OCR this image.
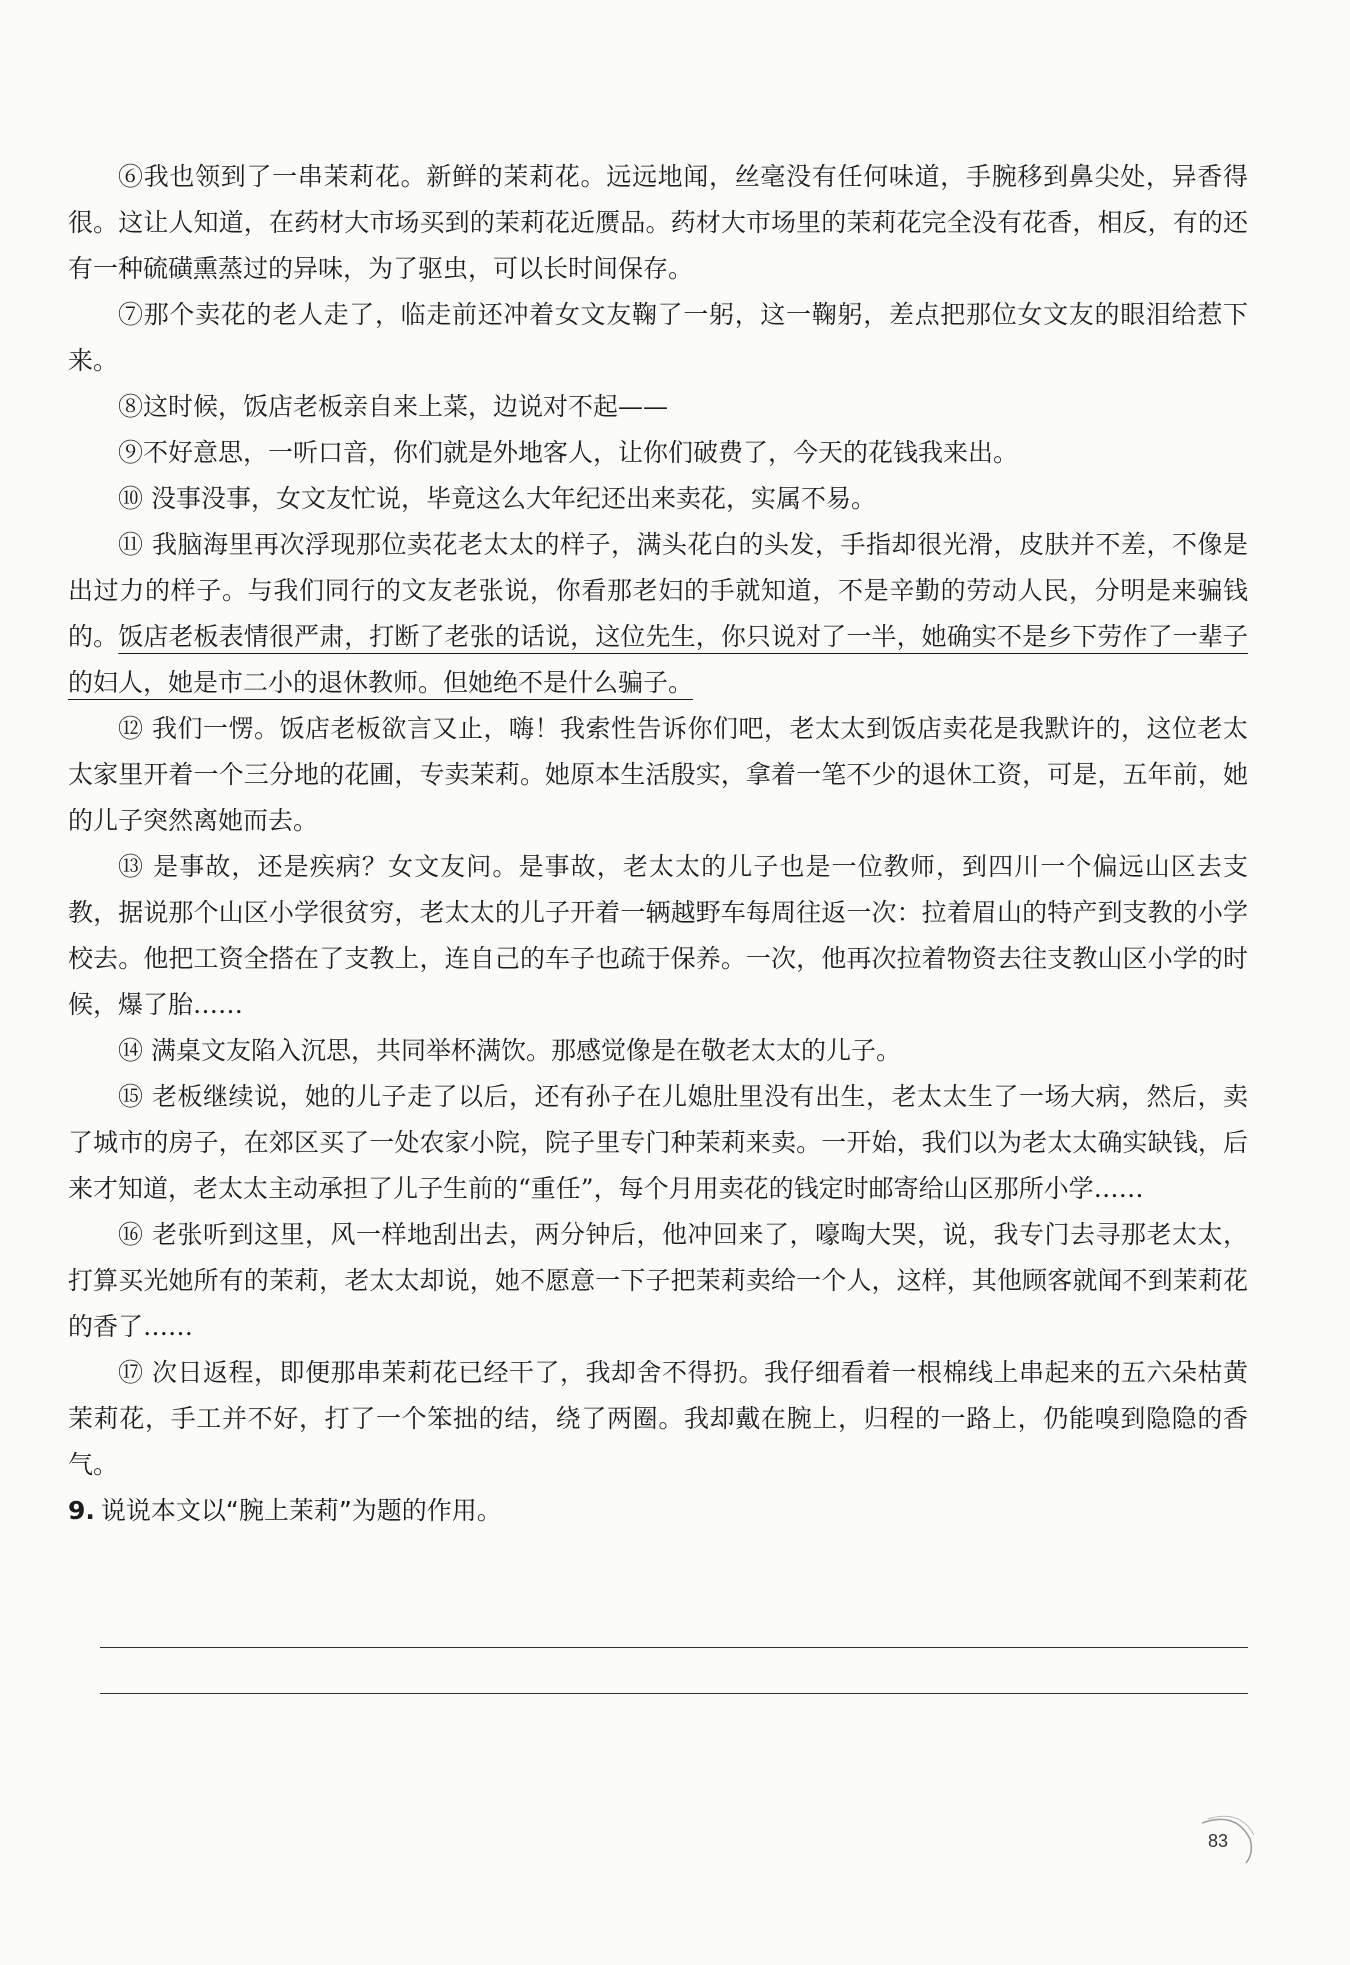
⑥我也领到了一串茉莉花。新鲜的茉莉花。远远地闻，丝毫没有任何味道，手腕移到鼻尖处，异香得很。这让人知道，在药材大市场买到的茉莉花近赝品。药材大市场里的茉莉花完全没有花香，相反，有的还有一种硫磺熏蒸过的异味，为了驱虫，可以长时间保存。

⑦那个卖花的老人走了，临走前还冲着女文友鞠了一躬，这一鞠躬，差点把那位女文友的眼泪给惹下来。

⑧这时候，饭店老板亲自来上菜，边说对不起——

⑨不好意思，一听口音，你们就是外地客人，让你们破费了，今天的花钱我来出。

⑩ 没事没事，女文友忙说，毕竟这么大年纪还出来卖花，实属不易。

⑪ 我脑海里再次浮现那位卖花老太太的样子，满头花白的头发，手指却很光滑，皮肤并不差，不像是出过力的样子。与我们同行的文友老张说，你看那老妇的手就知道，不是辛勤的劳动人民，分明是来骗钱的。饭店老板表情很严肃，打断了老张的话说，这位先生，你只说对了一半，她确实不是乡下劳作了一辈子的妇人，她是市二小的退休教师。但她绝不是什么骗子。

⑫ 我们一愣。饭店老板欲言又止，嗨！我索性告诉你们吧，老太太到饭店卖花是我默许的，这位老太太家里开着一个三分地的花圃，专卖茉莉。她原本生活殷实，拿着一笔不少的退休工资，可是，五年前，她的儿子突然离她而去。

⑬ 是事故，还是疾病？女文友问。是事故，老太太的儿子也是一位教师，到四川一个偏远山区去支教，据说那个山区小学很贫穷，老太太的儿子开着一辆越野车每周往返一次：拉着眉山的特产到支教的小学校去。他把工资全搭在了支教上，连自己的车子也疏于保养。一次，他再次拉着物资去往支教山区小学的时候，爆了胎……

⑭ 满桌文友陷入沉思，共同举杯满饮。那感觉像是在敬老太太的儿子。

⑮ 老板继续说，她的儿子走了以后，还有孙子在儿媳肚里没有出生，老太太生了一场大病，然后，卖了城市的房子，在郊区买了一处农家小院，院子里专门种茉莉来卖。一开始，我们以为老太太确实缺钱，后来才知道，老太太主动承担了儿子生前的“重任”，每个月用卖花的钱定时邮寄给山区那所小学……

⑯ 老张听到这里，风一样地刮出去，两分钟后，他冲回来了，嚎啕大哭，说，我专门去寻那老太太，打算买光她所有的茉莉，老太太却说，她不愿意一下子把茉莉卖给一个人，这样，其他顾客就闻不到茉莉花的香了……

⑰ 次日返程，即便那串茉莉花已经干了，我却舍不得扔。我仔细看着一根棉线上串起来的五六朵枯黄茉莉花，手工并不好，打了一个笨拙的结，绕了两圈。我却戴在腕上，归程的一路上，仍能嗅到隐隐的香气。

9. 说说本文以“腕上茉莉”为题的作用。

83
